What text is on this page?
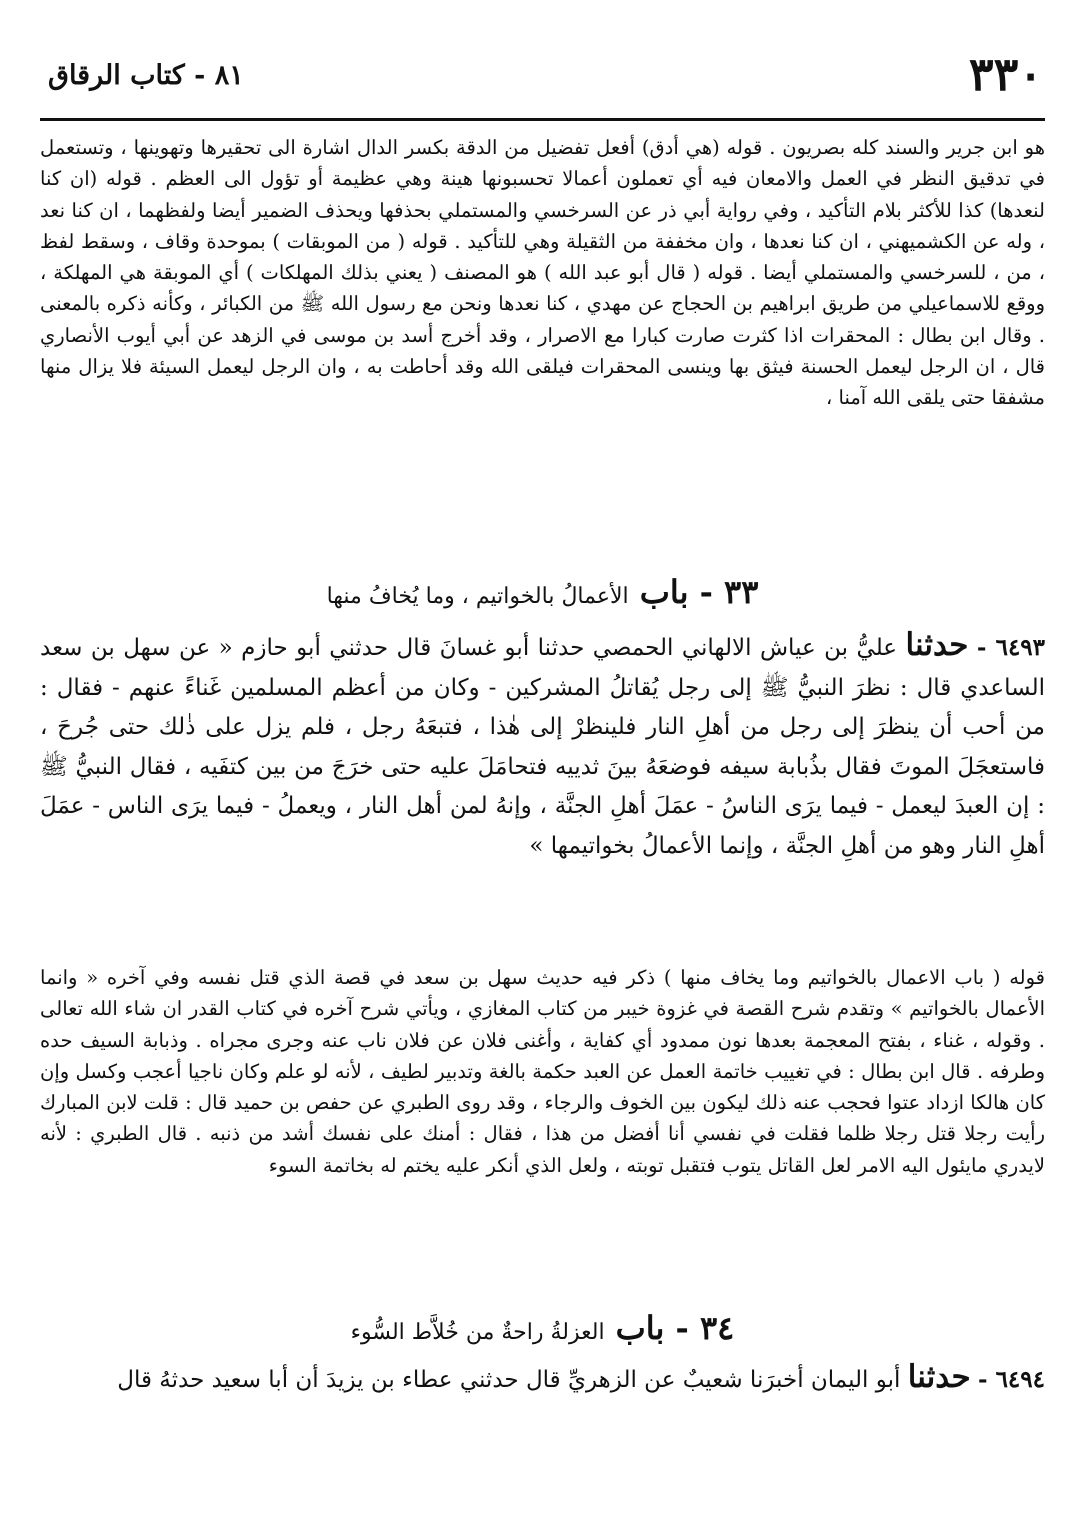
٣٣٠
٨١ - كتاب الرقاق
هو ابن جرير والسند كله بصريون . قوله (هي أدق) أفعل تفضيل من الدقة بكسر الدال اشارة الى تحقيرها وتهوينها ، وتستعمل في تدقيق النظر في العمل والامعان فيه أي تعملون أعمالا تحسبونها هينة وهي عظيمة أو تؤول الى العظم . قوله (ان كنا لنعدها) كذا للأكثر بلام التأكيد ، وفي رواية أبي ذر عن السرخسي والمستملي بحذفها ويحذف الضمير أيضا ولفظهما ، ان كنا نعد ، وله عن الكشميهني ، ان كنا نعدها ، وان مخففة من الثقيلة وهي للتأكيد . قوله ( من الموبقات ) بموحدة وقاف ، وسقط لفظ ، من ، للسرخسي والمستملي أيضا . قوله ( قال أبو عبد الله ) هو المصنف ( يعني بذلك المهلكات ) أي الموبقة هي المهلكة ، ووقع للاسماعيلي من طريق ابراهيم بن الحجاج عن مهدي ، كنا نعدها ونحن مع رسول الله ﷺ من الكبائر ، وكأنه ذكره بالمعنى . وقال ابن بطال : المحقرات اذا كثرت صارت كبارا مع الاصرار ، وقد أخرج أسد بن موسى في الزهد عن أبي أيوب الأنصاري قال ، ان الرجل ليعمل الحسنة فيثق بها وينسى المحقرات فيلقى الله وقد أحاطت به ، وان الرجل ليعمل السيئة فلا يزال منها مشفقا حتى يلقى الله آمنا ،
٣٣ - باب الأعمالُ بالخواتيم ، وما يُخافُ منها
٦٤٩٣ - حدثنا عليُّ بن عياش الالهاني الحمصي حدثنا أبو غسانَ قال حدثني أبو حازم « عن سهل بن سعد الساعدي قال : نظرَ النبيُّ ﷺ إلى رجل يُقاتلُ المشركين - وكان من أعظم المسلمين غَناءً عنهم - فقال : من أحب أن ينظرَ إلى رجل من أهلِ النار فلينظرْ إلى هٰذا ، فتبعَهُ رجل ، فلم يزل على ذٰلك حتى جُرحَ ، فاستعجَلَ الموتَ فقال بذُبابة سيفه فوضعَهُ بينَ ثدييه فتحامَلَ عليه حتى خرَجَ من بين كتفَيه ، فقال النبيُّ ﷺ : إن العبدَ ليعمل - فيما يرَى الناسُ - عمَلَ أهلِ الجنَّة ، وإنهُ لمن أهل النار ، ويعملُ - فيما يرَى الناس - عمَلَ أهلِ النار وهو من أهلِ الجنَّة ، وإنما الأعمالُ بخواتيمها »
قوله ( باب الاعمال بالخواتيم وما يخاف منها ) ذكر فيه حديث سهل بن سعد في قصة الذي قتل نفسه وفي آخره « وانما الأعمال بالخواتيم » وتقدم شرح القصة في غزوة خيبر من كتاب المغازي ، ويأتي شرح آخره في كتاب القدر ان شاء الله تعالى . وقوله ، غناء ، بفتح المعجمة بعدها نون ممدود أي كفاية ، وأغنى فلان عن فلان ناب عنه وجرى مجراه . وذبابة السيف حده وطرفه . قال ابن بطال : في تغييب خاتمة العمل عن العبد حكمة بالغة وتدبير لطيف ، لأنه لو علم وكان ناجيا أعجب وكسل وإن كان هالكا ازداد عتوا فحجب عنه ذلك ليكون بين الخوف والرجاء ، وقد روى الطبري عن حفص بن حميد قال : قلت لابن المبارك رأيت رجلا قتل رجلا ظلما فقلت في نفسي أنا أفضل من هذا ، فقال : أمنك على نفسك أشد من ذنبه . قال الطبري : لأنه لايدري مايئول اليه الامر لعل القاتل يتوب فتقبل توبته ، ولعل الذي أنكر عليه يختم له بخاتمة السوء
٣٤ - باب العزلةُ راحةٌ من خُلاَّط السُّوء
٦٤٩٤ - حدثنا أبو اليمان أخبرَنا شعيبٌ عن الزهريِّ قال حدثني عطاء بن يزيدَ أن أبا سعيد حدثهُ قال
